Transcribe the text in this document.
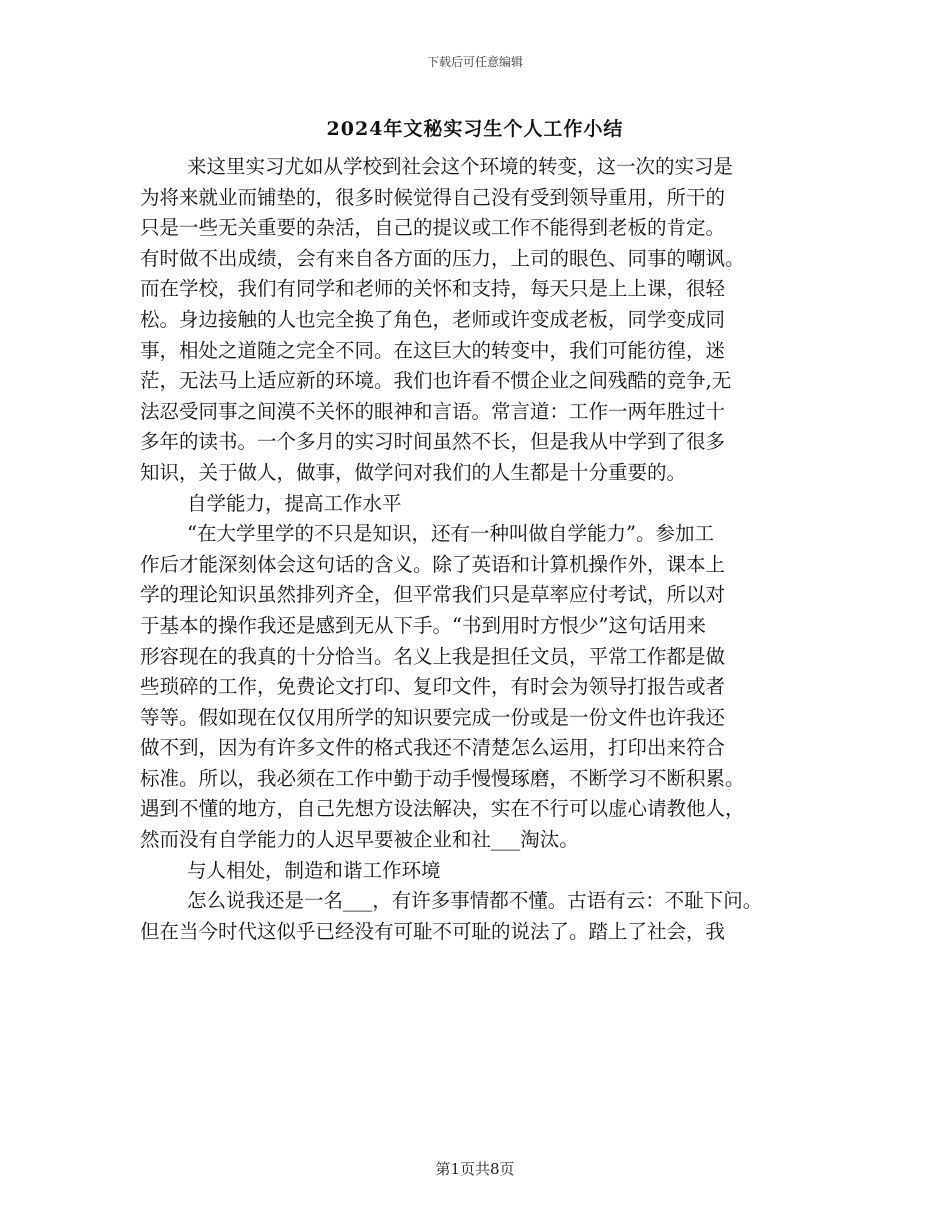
下载后可任意编辑
2024年文秘实习生个人工作小结
来这里实习尤如从学校到社会这个环境的转变，这一次的实习是
为将来就业而铺垫的，很多时候觉得自己没有受到领导重用，所干的
只是一些无关重要的杂活，自己的提议或工作不能得到老板的肯定。
有时做不出成绩，会有来自各方面的压力，上司的眼色、同事的嘲讽。
而在学校，我们有同学和老师的关怀和支持，每天只是上上课，很轻
松。身边接触的人也完全换了角色，老师或许变成老板，同学变成同
事，相处之道随之完全不同。在这巨大的转变中，我们可能彷徨，迷
茫，无法马上适应新的环境。我们也许看不惯企业之间残酷的竞争,无
法忍受同事之间漠不关怀的眼神和言语。常言道：工作一两年胜过十
多年的读书。一个多月的实习时间虽然不长，但是我从中学到了很多
知识，关于做人，做事，做学问对我们的人生都是十分重要的。
自学能力，提高工作水平
“在大学里学的不只是知识，还有一种叫做自学能力”。参加工
作后才能深刻体会这句话的含义。除了英语和计算机操作外，课本上
学的理论知识虽然排列齐全，但平常我们只是草率应付考试，所以对
于基本的操作我还是感到无从下手。“书到用时方恨少”这句话用来
形容现在的我真的十分恰当。名义上我是担任文员，平常工作都是做
些琐碎的工作，免费论文打印、复印文件，有时会为领导打报告或者
等等。假如现在仅仅用所学的知识要完成一份或是一份文件也许我还
做不到，因为有许多文件的格式我还不清楚怎么运用，打印出来符合
标准。所以，我必须在工作中勤于动手慢慢琢磨，不断学习不断积累。
遇到不懂的地方，自己先想方设法解决，实在不行可以虚心请教他人，
然而没有自学能力的人迟早要被企业和社___淘汰。
与人相处，制造和谐工作环境
怎么说我还是一名___，有许多事情都不懂。古语有云：不耻下问。
但在当今时代这似乎已经没有可耻不可耻的说法了。踏上了社会，我
第1页共8页
